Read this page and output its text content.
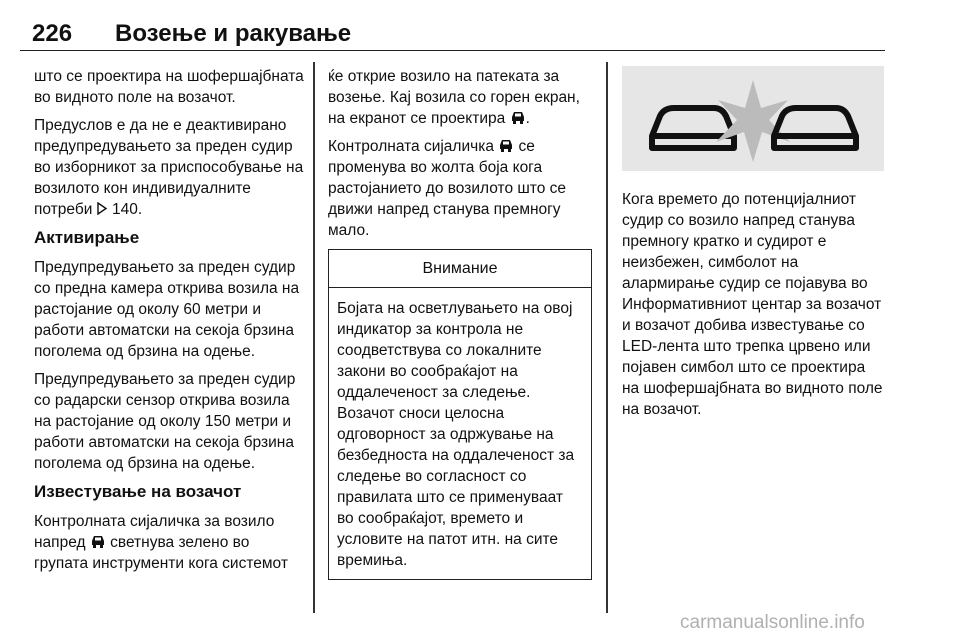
226 Возење и ракување

што се проектира на шофершајбната во видното поле на возачот.

Предуслов е да не е деактивирано предупредувањето за преден судир во изборникот за приспособување на возилото кон индивидуалните потреби  140.

Активирање

Предупредувањето за преден судир со предна камера открива возила на растојание од околу 60 метри и работи автоматски на секоја брзина поголема од брзина на одење.

Предупредувањето за преден судир со радарски сензор открива возила на растојание од околу 150 метри и работи автоматски на секоја брзина поголема од брзина на одење.

Известување на возачот

Контролната сијаличка за возило напред  светнува зелено во групата инструменти кога системот

ќе открие возило на патеката за возење. Кај возила со горен екран, на екранот се проектира .

Контролната сијаличка  се променува во жолта боја кога растојанието до возилото што се движи напред станува премногу мало.

Внимание

Бојата на осветлувањето на овој индикатор за контрола не соодветствува со локалните закони во сообраќајот на оддалеченост за следење.

Возачот сноси целосна одговорност за одржување на безбедноста на оддалеченост за следење во согласност со правилата што се применуваат во сообраќајот, времето и условите на патот итн. на сите времиња.

Кога времето до потенцијалниот судир со возило напред станува премногу кратко и судирот е неизбежен, симболот на алармирање судир се појавува во Информативниот центар за возачот и возачот добива известување со LED-лента што трепка црвено или појавен симбол што се проектира на шофершајбната во видното поле на возачот.

carmanualsonline.info
